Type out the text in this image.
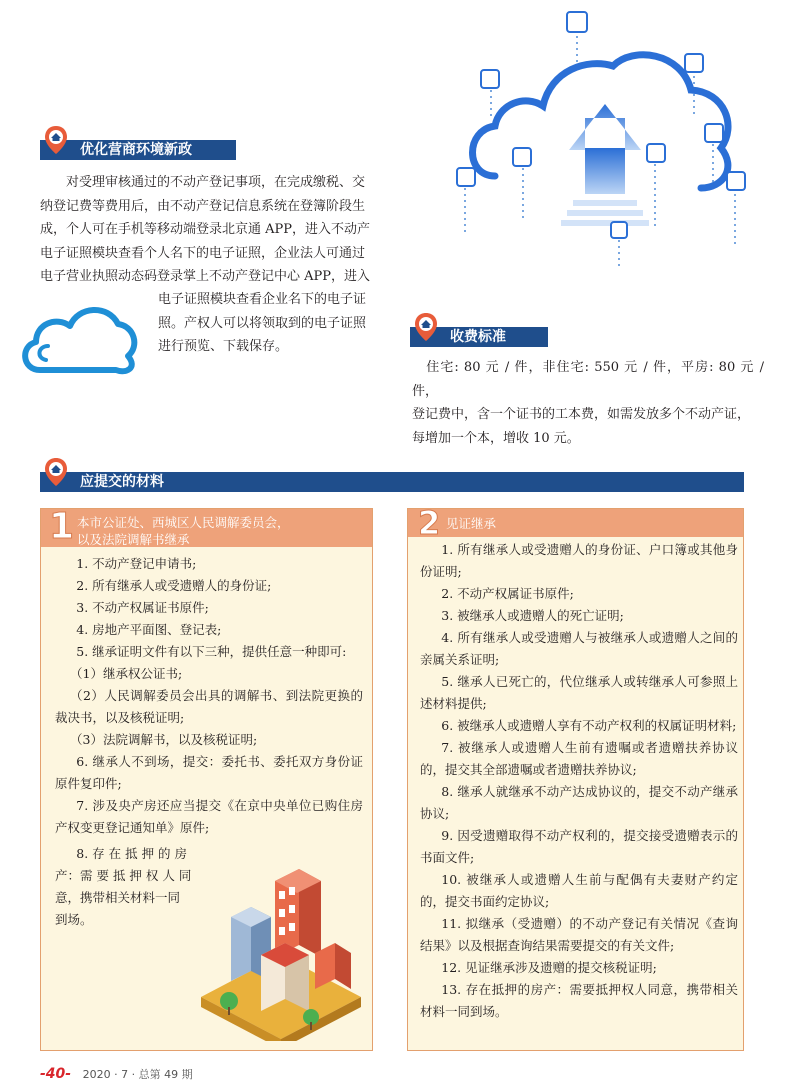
优化营商环境新政

对受理审核通过的不动产登记事项，在完成缴税、交

纳登记费等费用后，由不动产登记信息系统在登簿阶段生

成，个人可在手机等移动端登录北京通 APP，进入不动产

电子证照模块查看个人名下的电子证照，企业法人可通过

电子营业执照动态码登录掌上不动产登记中心 APP，进入

电子证照模块查看企业名下的电子证

照。产权人可以将领取到的电子证照

进行预览、下载保存。

收费标准

住宅: 80 元 / 件，非住宅: 550 元 / 件，平房: 80 元 / 件，

登记费中，含一个证书的工本费，如需发放多个不动产证，

每增加一个本，增收 10 元。

应提交的材料
1 本市公证处、西城区人民调解委员会，
以及法院调解书继承
1. 不动产登记申请书;
2. 所有继承人或受遗赠人的身份证;
3. 不动产权属证书原件;
4. 房地产平面图、登记表;
5. 继承证明文件有以下三种，提供任意一种即可:
（1）继承权公证书;
（2）人民调解委员会出具的调解书、到法院更换的裁决书，以及核税证明;
（3）法院调解书，以及核税证明;
6. 继承人不到场，提交：委托书、委托双方身份证原件复印件;
7. 涉及央产房还应当提交《在京中央单位已购住房产权变更登记通知单》原件;
8. 存 在 抵 押 的 房
产：需 要 抵 押 权 人 同
意，携带相关材料一同
到场。
2 见证继承
1. 所有继承人或受遗赠人的身份证、户口簿或其他身份证明;
2. 不动产权属证书原件;
3. 被继承人或遗赠人的死亡证明;
4. 所有继承人或受遗赠人与被继承人或遗赠人之间的亲属关系证明;
5. 继承人已死亡的，代位继承人或转继承人可参照上述材料提供;
6. 被继承人或遗赠人享有不动产权利的权属证明材料;
7. 被继承人或遗赠人生前有遗嘱或者遗赠扶养协议的，提交其全部遗嘱或者遗赠扶养协议;
8. 继承人就继承不动产达成协议的，提交不动产继承协议;
9. 因受遗赠取得不动产权利的，提交接受遗赠表示的书面文件;
10. 被继承人或遗赠人生前与配偶有夫妻财产约定的，提交书面约定协议;
11. 拟继承（受遗赠）的不动产登记有关情况《查询结果》以及根据查询结果需要提交的有关文件;
12. 见证继承涉及遗赠的提交核税证明;
13. 存在抵押的房产：需要抵押权人同意，携带相关材料一同到场。
-40- 2020 · 7 · 总第 49 期
